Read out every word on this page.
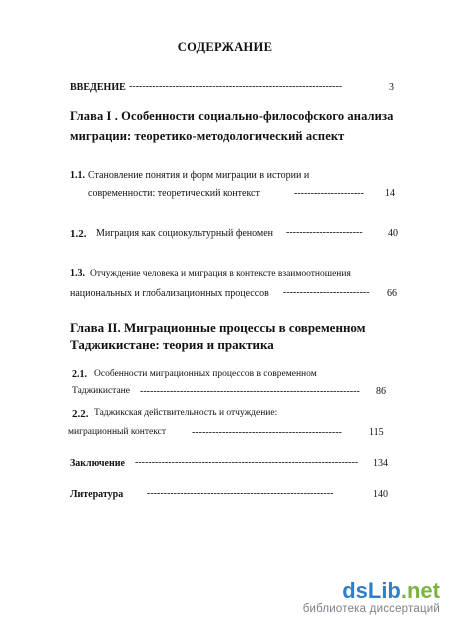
СОДЕРЖАНИЕ
ВВЕДЕНИЕ ----------------------------------------------------------------	3
Глава I . Особенности социально-философского анализа
миграции: теоретико-методологический аспект
1.1. Становление понятия и форм миграции в истории и
современности: теоретический контекст	--------------------- 14
1.2. Миграция как социокультурный феномен -----------------------	40
1.3. Отчуждение человека и миграция в контексте взаимоотношения
национальных и глобализационных процессов -------------------------- 66
Глава II. Миграционные процессы в современном
Таджикистане: теория и практика
2.1. Особенности миграционных процессов в современном
Таджикистане ------------------------------------------------------------------ 86
2.2. Таджикская действительность и отчуждение:
миграционный контекст	---------------------------------------------	115
Заключение ------------------------------------------------------------------- 134
Литература --------------------------------------------------------	140
dsLib.net
библиотека диссертаций
